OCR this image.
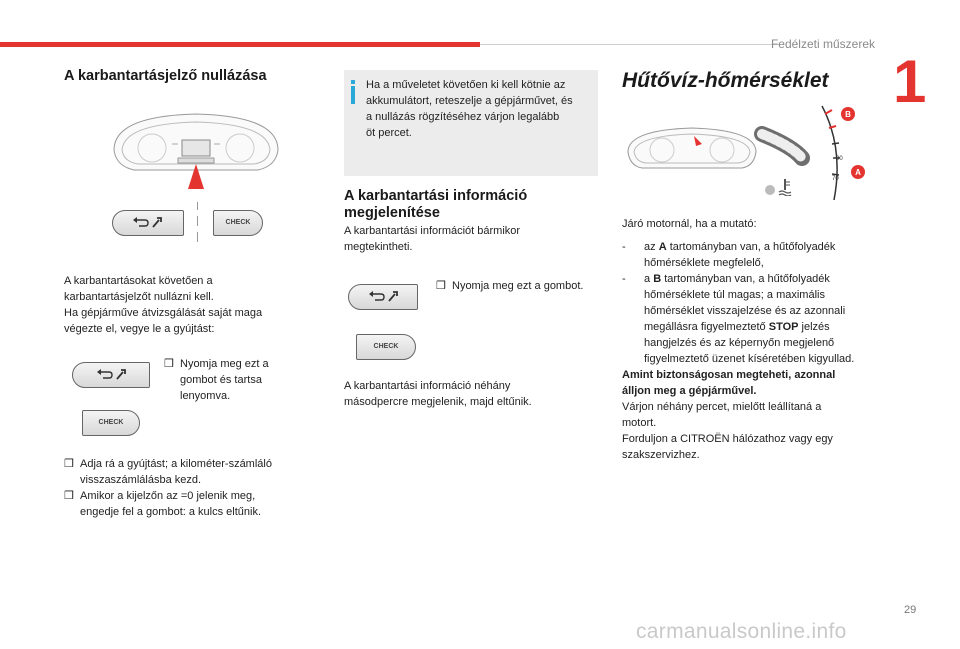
Fedélzeti műszerek
1
A karbantartásjelző nullázása
CHECK
A karbantartásokat követően a
karbantartásjelzőt nullázni kell.
Ha gépjárműve átvizsgálását saját maga
végezte el, vegye le a gyújtást:
❒ Nyomja meg ezt a
gombot és tartsa
lenyomva.
CHECK
❒ Adja rá a gyújtást; a kilométer-számláló
visszaszámlálásba kezd.
❒ Amikor a kijelzőn az =0 jelenik meg,
engedje fel a gombot: a kulcs eltűnik.
Ha a műveletet követően ki kell kötnie az
akkumulátort, reteszelje a gépjárművet, és
a nullázás rögzítéséhez várjon legalább
öt percet.
A karbantartási információ
megjelenítése
A karbantartási információt bármikor
megtekintheti.
❒ Nyomja meg ezt a gombot.
CHECK
A karbantartási információ néhány
másodpercre megjelenik, majd eltűnik.
Hűtővíz-hőmérséklet
90
70
B
A
Járó motornál, ha a mutató:
- az A tartományban van, a hűtőfolyadék
hőmérséklete megfelelő,
- a B tartományban van, a hűtőfolyadék
hőmérséklete túl magas; a maximális
hőmérséklet visszajelzése és az azonnali
megállásra figyelmeztető STOP jelzés
hangjelzés és az képernyőn megjelenő
figyelmeztető üzenet kíséretében kigyullad.
Amint biztonságosan megteheti, azonnal
álljon meg a gépjárművel.
Várjon néhány percet, mielőtt leállítaná a
motort.
Forduljon a CITROËN hálózathoz vagy egy
szakszervizhez.
29
carmanualsonline.info
